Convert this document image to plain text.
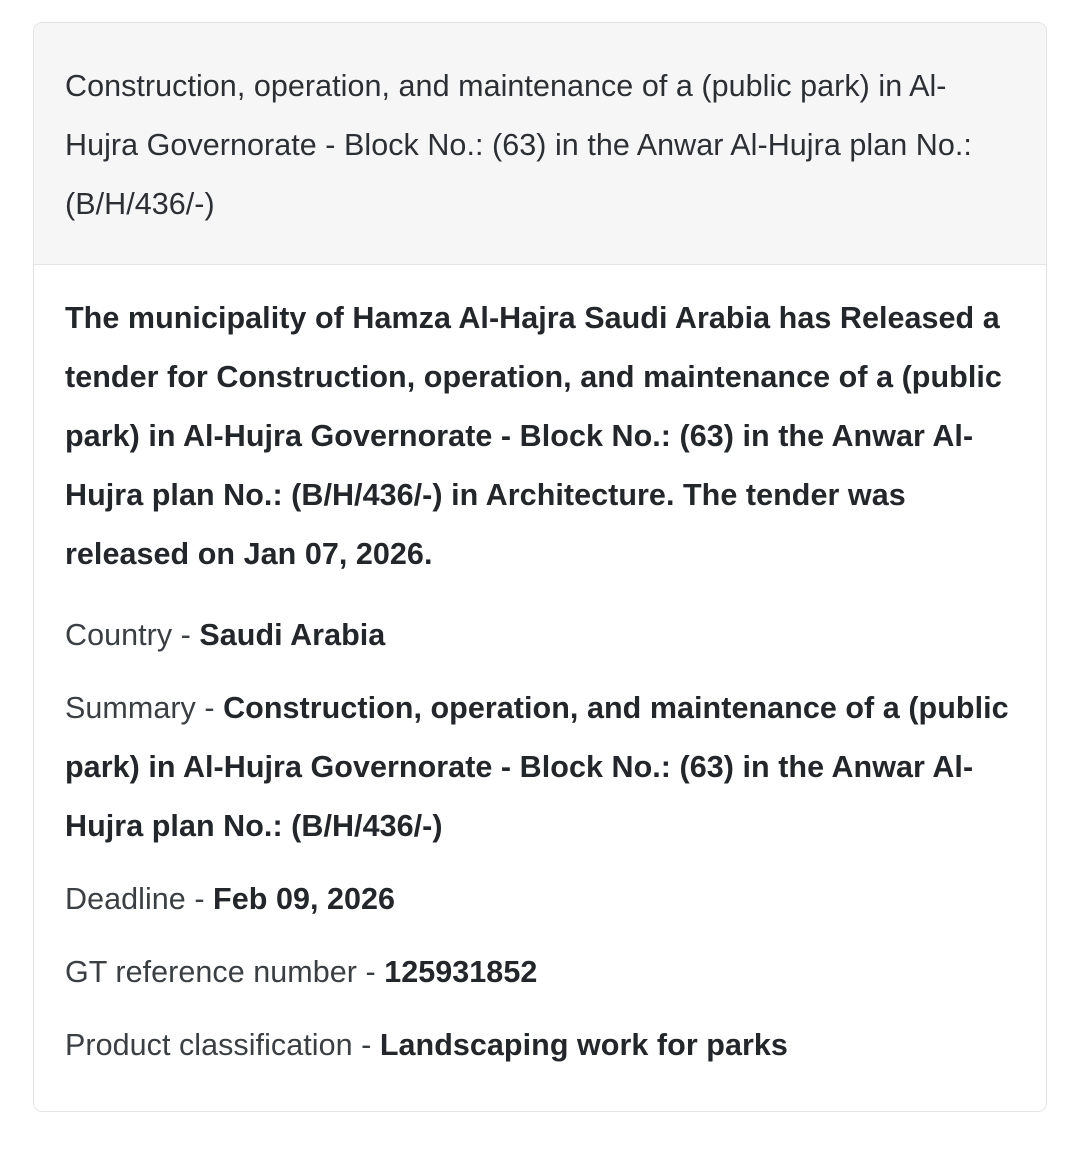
Construction, operation, and maintenance of a (public park) in Al-Hujra Governorate - Block No.: (63) in the Anwar Al-Hujra plan No.: (B/H/436/-)

The municipality of Hamza Al-Hajra Saudi Arabia has Released a tender for Construction, operation, and maintenance of a (public park) in Al-Hujra Governorate - Block No.: (63) in the Anwar Al-Hujra plan No.: (B/H/436/-) in Architecture. The tender was released on Jan 07, 2026.

Country - Saudi Arabia
Summary - Construction, operation, and maintenance of a (public park) in Al-Hujra Governorate - Block No.: (63) in the Anwar Al-Hujra plan No.: (B/H/436/-)
Deadline - Feb 09, 2026
GT reference number - 125931852
Product classification - Landscaping work for parks
